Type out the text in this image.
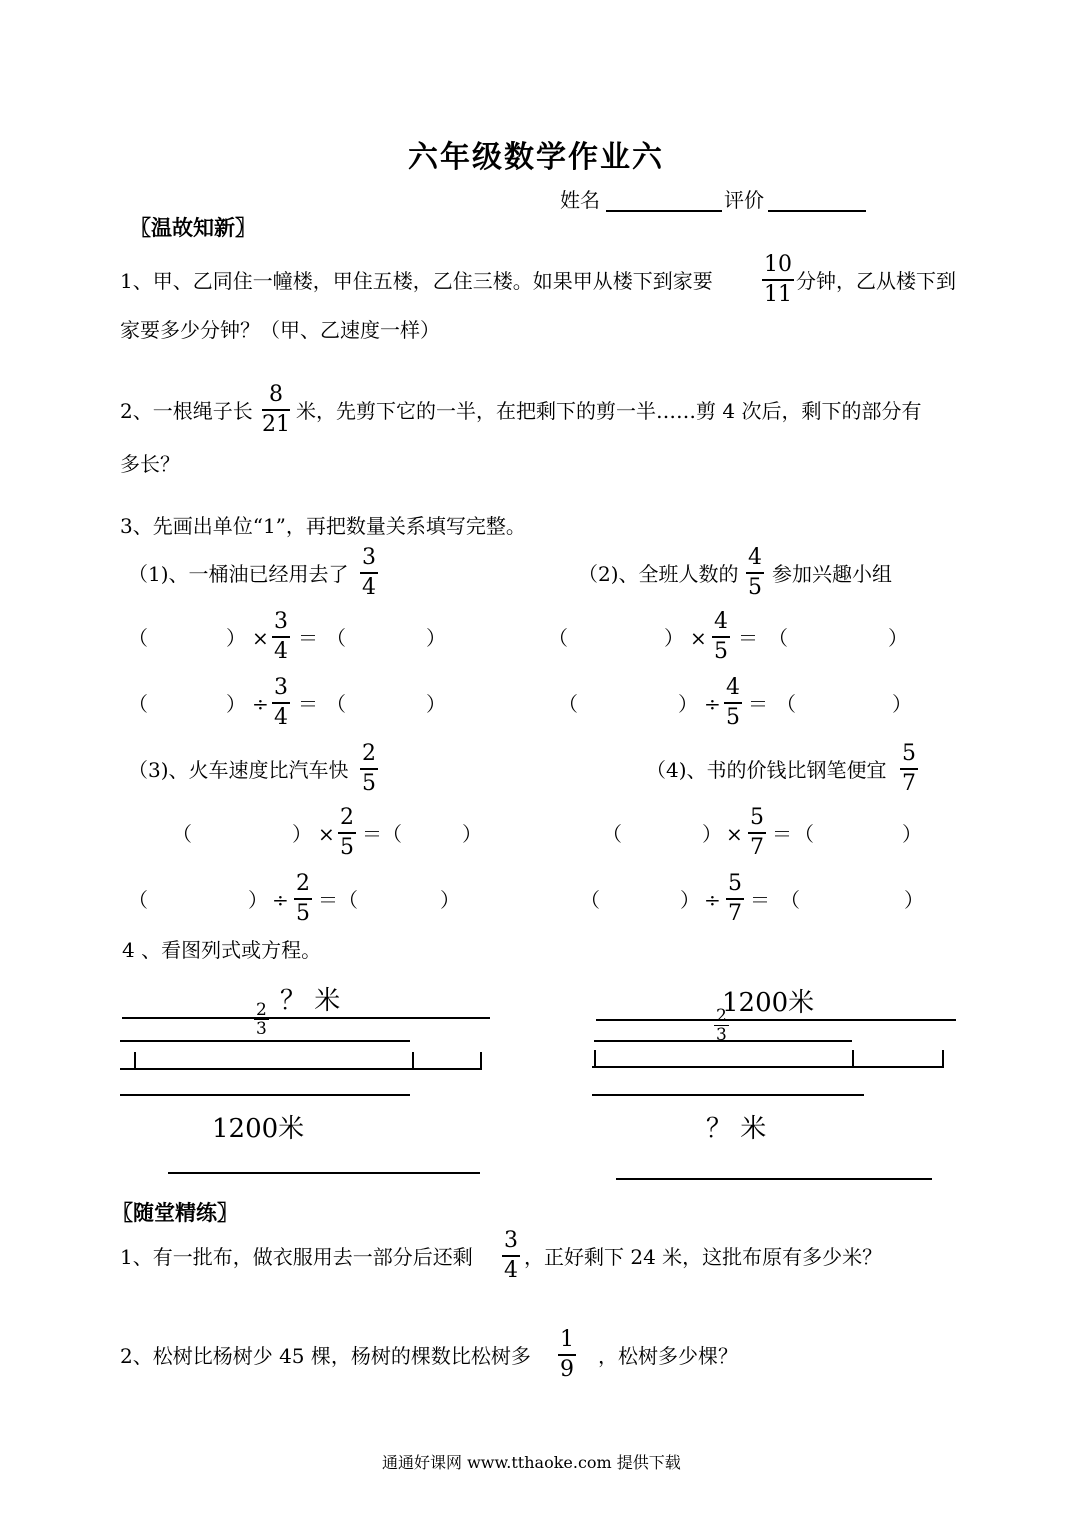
六年级数学作业六
姓名	评价
〖温故知新〗
1、甲、乙同住一幢楼，甲住五楼，乙住三楼。如果甲从楼下到家要
10
11
分钟，乙从楼下到
家要多少分钟？（甲、乙速度一样）
2、一根绳子长
8
21
米，先剪下它的一半，在把剩下的剪一半……剪 4 次后，剩下的部分有
多长？
3、先画出单位“1”，再把数量关系填写完整。
（1)、一桶油已经用去了
3
4
（2)、全班人数的
4
5
参加兴趣小组
（	） ×
3
4
＝ （	）	（	） ×
4
5
＝ （	）
（	） ÷
3
4
＝ （	）	（	） ÷
4
5
＝ （	）
（3)、火车速度比汽车快
2
5
（4)、书的价钱比钢笔便宜
5
7
（	） ×
2
5
＝ （	）	（	） ×
5
7
＝ （	）
（	） ÷
2
5
＝ （	）	（	） ÷
5
7
＝ （	）
4 、看图列式或方程。
？ 米
2
3
1200米
1200米
2
3
？ 米
〖随堂精练〗
1、有一批布，做衣服用去一部分后还剩
3
4
，正好剩下 24 米，这批布原有多少米？
2、松树比杨树少 45 棵，杨树的棵数比松树多
1
9
，松树多少棵？
通通好课网 www.tthaoke.com 提供下载
